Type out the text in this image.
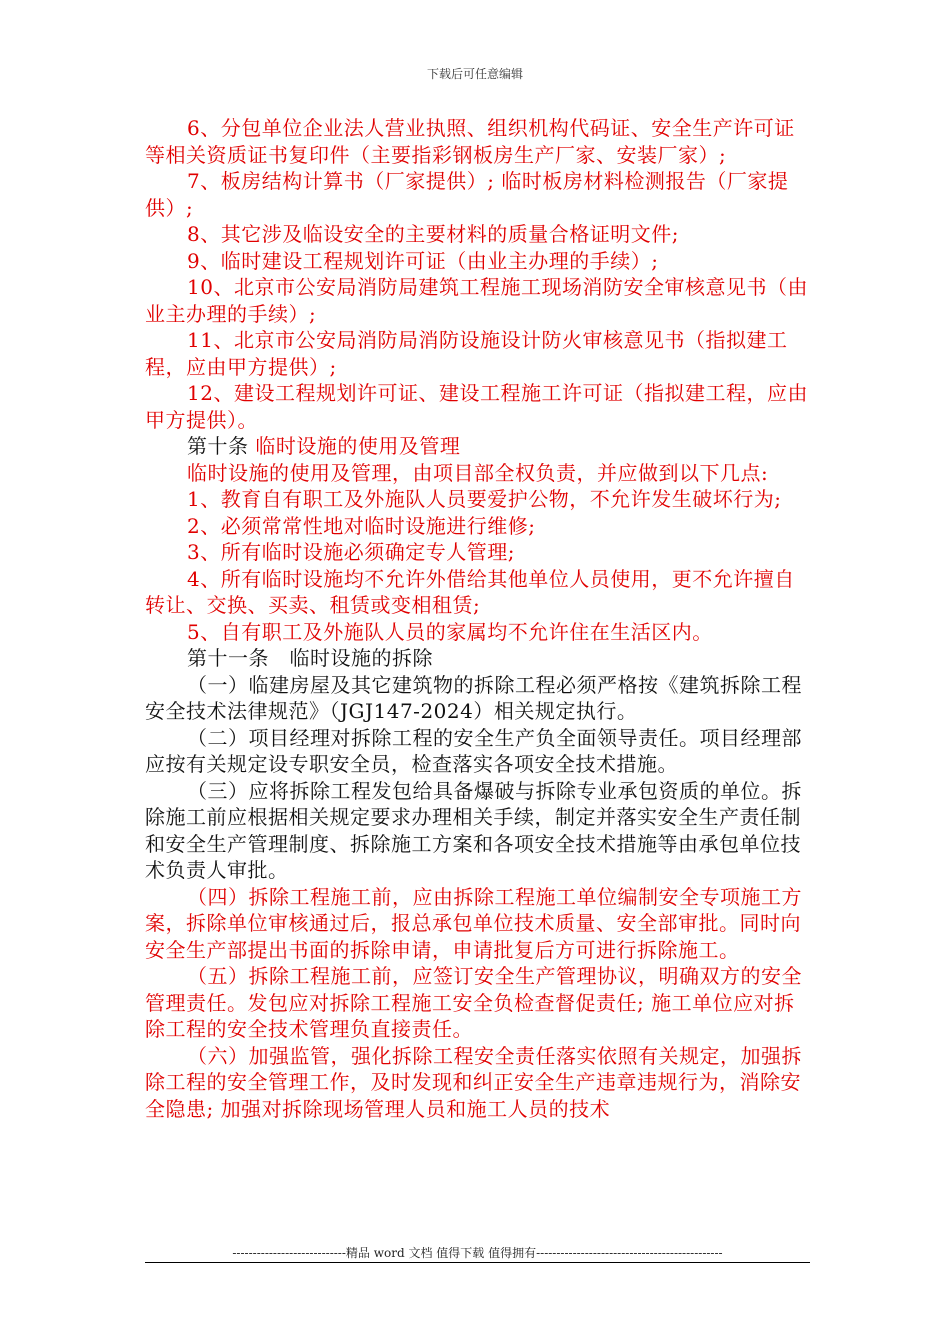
下载后可任意编辑

6、分包单位企业法人营业执照、组织机构代码证、安全生产许可证等相关资质证书复印件（主要指彩钢板房生产厂家、安装厂家）;

7、板房结构计算书（厂家提供）; 临时板房材料检测报告（厂家提供）;

8、其它涉及临设安全的主要材料的质量合格证明文件;

9、临时建设工程规划许可证（由业主办理的手续）;

10、北京市公安局消防局建筑工程施工现场消防安全审核意见书（由业主办理的手续）;

11、北京市公安局消防局消防设施设计防火审核意见书（指拟建工程，应由甲方提供）;

12、建设工程规划许可证、建设工程施工许可证（指拟建工程，应由甲方提供）。

第十条 临时设施的使用及管理

临时设施的使用及管理，由项目部全权负责，并应做到以下几点:

1、教育自有职工及外施队人员要爱护公物，不允许发生破坏行为;

2、必须常常性地对临时设施进行维修;

3、所有临时设施必须确定专人管理;

4、所有临时设施均不允许外借给其他单位人员使用，更不允许擅自转让、交换、买卖、租赁或变相租赁;

5、自有职工及外施队人员的家属均不允许住在生活区内。

第十一条　临时设施的拆除

（一）临建房屋及其它建筑物的拆除工程必须严格按《建筑拆除工程安全技术法律规范》（JGJ147-2024）相关规定执行。

（二）项目经理对拆除工程的安全生产负全面领导责任。项目经理部应按有关规定设专职安全员，检查落实各项安全技术措施。

（三）应将拆除工程发包给具备爆破与拆除专业承包资质的单位。拆除施工前应根据相关规定要求办理相关手续，制定并落实安全生产责任制和安全生产管理制度、拆除施工方案和各项安全技术措施等由承包单位技术负责人审批。

（四）拆除工程施工前，应由拆除工程施工单位编制安全专项施工方案，拆除单位审核通过后，报总承包单位技术质量、安全部审批。同时向安全生产部提出书面的拆除申请，申请批复后方可进行拆除施工。

（五）拆除工程施工前，应签订安全生产管理协议，明确双方的安全管理责任。发包应对拆除工程施工安全负检查督促责任; 施工单位应对拆除工程的安全技术管理负直接责任。

（六）加强监管，强化拆除工程安全责任落实依照有关规定，加强拆除工程的安全管理工作，及时发现和纠正安全生产违章违规行为，消除安全隐患; 加强对拆除现场管理人员和施工人员的技术

----------------------------精品 word 文档 值得下载 值得拥有----------------------------------------------
